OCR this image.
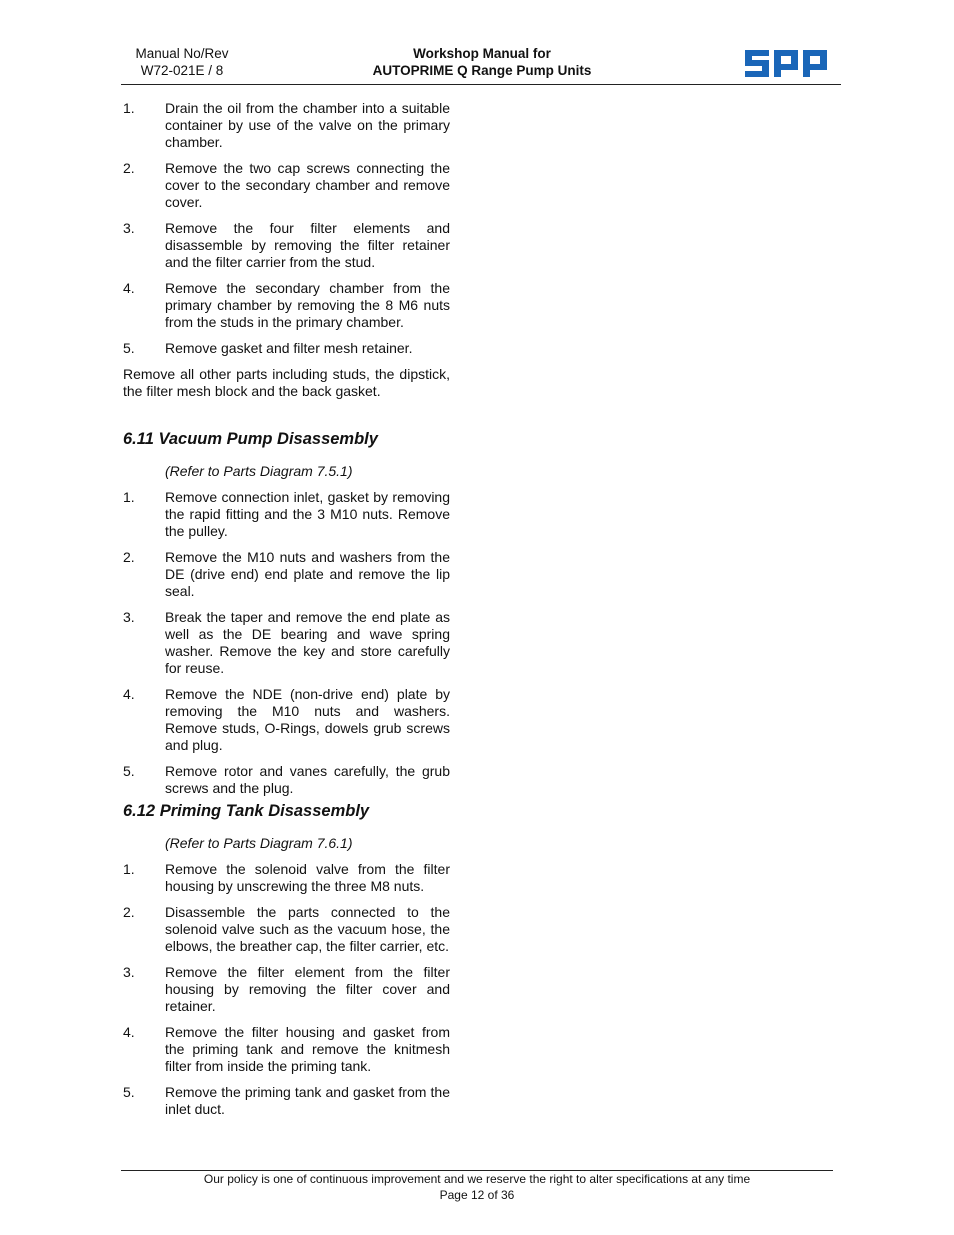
Manual No/Rev
W72-021E / 8
Workshop Manual for
AUTOPRIME Q Range Pump Units
1.	Drain the oil from the chamber into a suitable container by use of the valve on the primary chamber.
2.	Remove the two cap screws connecting the cover to the secondary chamber and remove cover.
3.	Remove the four filter elements and disassemble by removing the filter retainer and the filter carrier from the stud.
4.	Remove the secondary chamber from the primary chamber by removing the 8 M6 nuts from the studs in the primary chamber.
5.	Remove gasket and filter mesh retainer.
Remove all other parts including studs, the dipstick, the filter mesh block and the back gasket.
6.11 Vacuum Pump Disassembly
(Refer to Parts Diagram 7.5.1)
1.	Remove connection inlet, gasket by removing the rapid fitting and the 3 M10 nuts. Remove the pulley.
2.	Remove the M10 nuts and washers from the DE (drive end) end plate and remove the lip seal.
3.	Break the taper and remove the end plate as well as the DE bearing and wave spring washer. Remove the key and store carefully for reuse.
4.	Remove the NDE (non-drive end) plate by removing the M10 nuts and washers. Remove studs, O-Rings, dowels grub screws and plug.
5.	Remove rotor and vanes carefully, the grub screws and the plug.
6.12 Priming Tank Disassembly
(Refer to Parts Diagram 7.6.1)
1.	Remove the solenoid valve from the filter housing by unscrewing the three M8 nuts.
2.	Disassemble the parts connected to the solenoid valve such as the vacuum hose, the elbows, the breather cap, the filter carrier, etc.
3.	Remove the filter element from the filter housing by removing the filter cover and retainer.
4.	Remove the filter housing and gasket from the priming tank and remove the knitmesh filter from inside the priming tank.
5.	Remove the priming tank and gasket from the inlet duct.
Our policy is one of continuous improvement and we reserve the right to alter specifications at any time
Page 12 of 36
